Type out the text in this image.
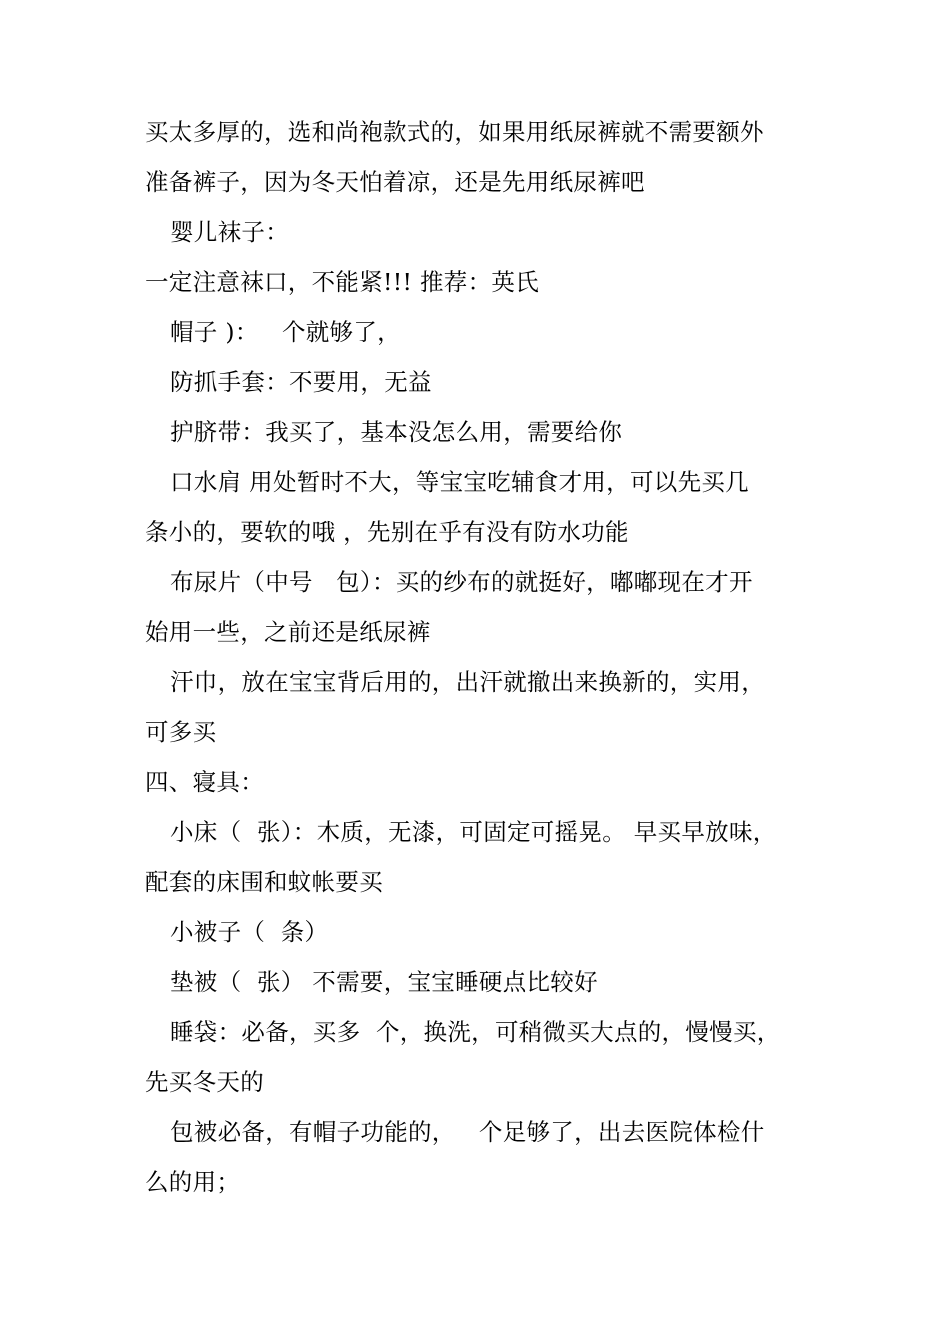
买太多厚的，选和尚袍款式的，如果用纸尿裤就不需要额外
准备裤子，因为冬天怕着凉，还是先用纸尿裤吧
婴儿袜子：
一定注意袜口，不能紧!!! 推荐：英氏
帽子 )：   个就够了，
防抓手套：不要用，无益
护脐带：我买了，基本没怎么用，需要给你
口水肩 用处暂时不大，等宝宝吃辅食才用，可以先买几
条小的，要软的哦 ，先别在乎有没有防水功能
布尿片（中号   包）：买的纱布的就挺好，嘟嘟现在才开
始用一些，之前还是纸尿裤
汗巾，放在宝宝背后用的，出汗就撤出来换新的，实用，
可多买
四、寝具：
小床（  张）：木质，无漆，可固定可摇晃。 早买早放味，
配套的床围和蚊帐要买
小被子（  条）
垫被（  张） 不需要，宝宝睡硬点比较好
睡袋：必备，买多  个，换洗，可稍微买大点的，慢慢买，
先买冬天的
包被必备，有帽子功能的，   个足够了，出去医院体检什
么的用；
